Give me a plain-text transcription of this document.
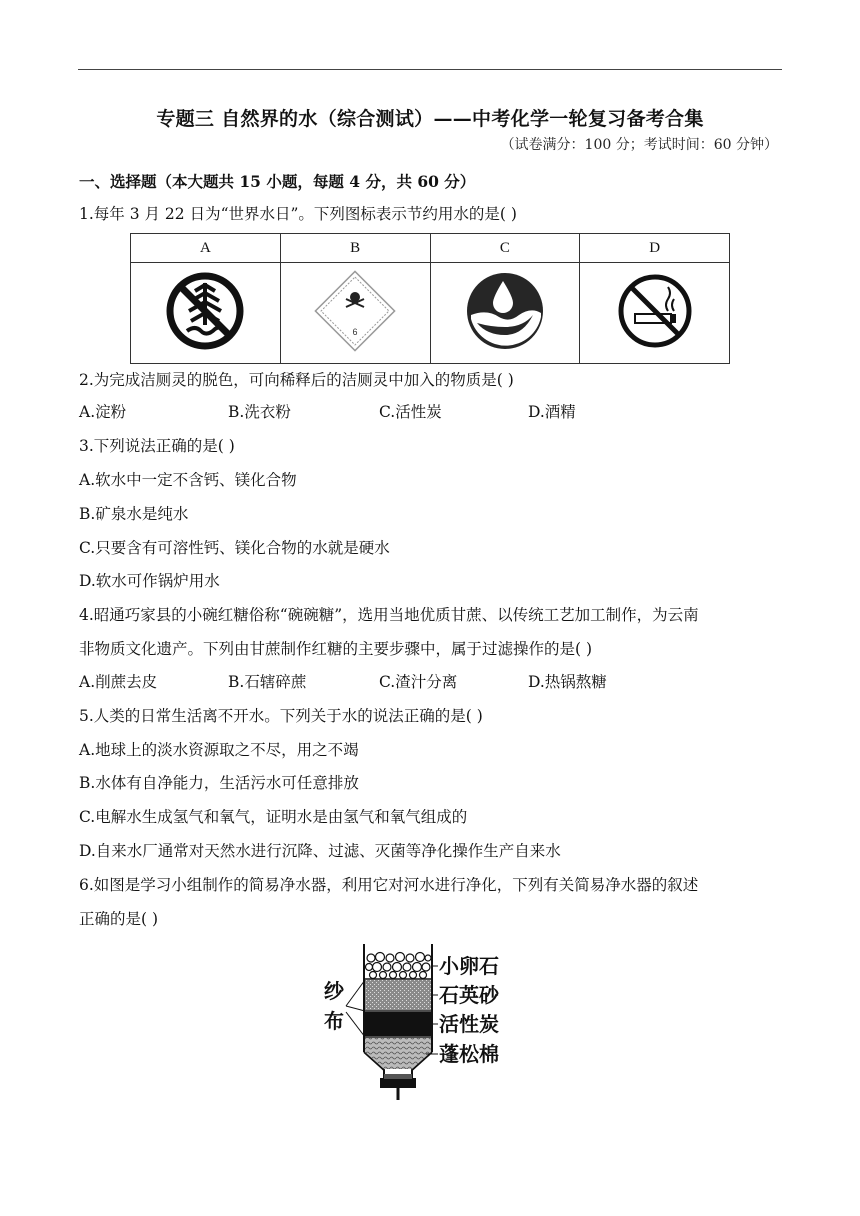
专题三 自然界的水（综合测试）——中考化学一轮复习备考合集
（试卷满分：100 分；考试时间：60 分钟）
一、选择题（本大题共 15 小题，每题 4 分，共 60 分）
1.每年 3 月 22 日为“世界水日”。下列图标表示节约用水的是( )
A	B	C	D

6

2.为完成洁厕灵的脱色，可向稀释后的洁厕灵中加入的物质是( )
A.淀粉	B.洗衣粉	C.活性炭	D.酒精
3.下列说法正确的是( )
A.软水中一定不含钙、镁化合物
B.矿泉水是纯水
C.只要含有可溶性钙、镁化合物的水就是硬水
D.软水可作锅炉用水
4.昭通巧家县的小碗红糖俗称“碗碗糖”，选用当地优质甘蔗、以传统工艺加工制作，为云南
非物质文化遗产。下列由甘蔗制作红糖的主要步骤中，属于过滤操作的是( )
A.削蔗去皮	B.石辖碎蔗	C.渣汁分离	D.热锅熬糖
5.人类的日常生活离不开水。下列关于水的说法正确的是( )
A.地球上的淡水资源取之不尽，用之不竭
B.水体有自净能力，生活污水可任意排放
C.电解水生成氢气和氧气，证明水是由氢气和氧气组成的
D.自来水厂通常对天然水进行沉降、过滤、灭菌等净化操作生产自来水
6.如图是学习小组制作的简易净水器，利用它对河水进行净化，下列有关简易净水器的叙述
正确的是( )
纱
布
小卵石
石英砂
活性炭
蓬松棉
